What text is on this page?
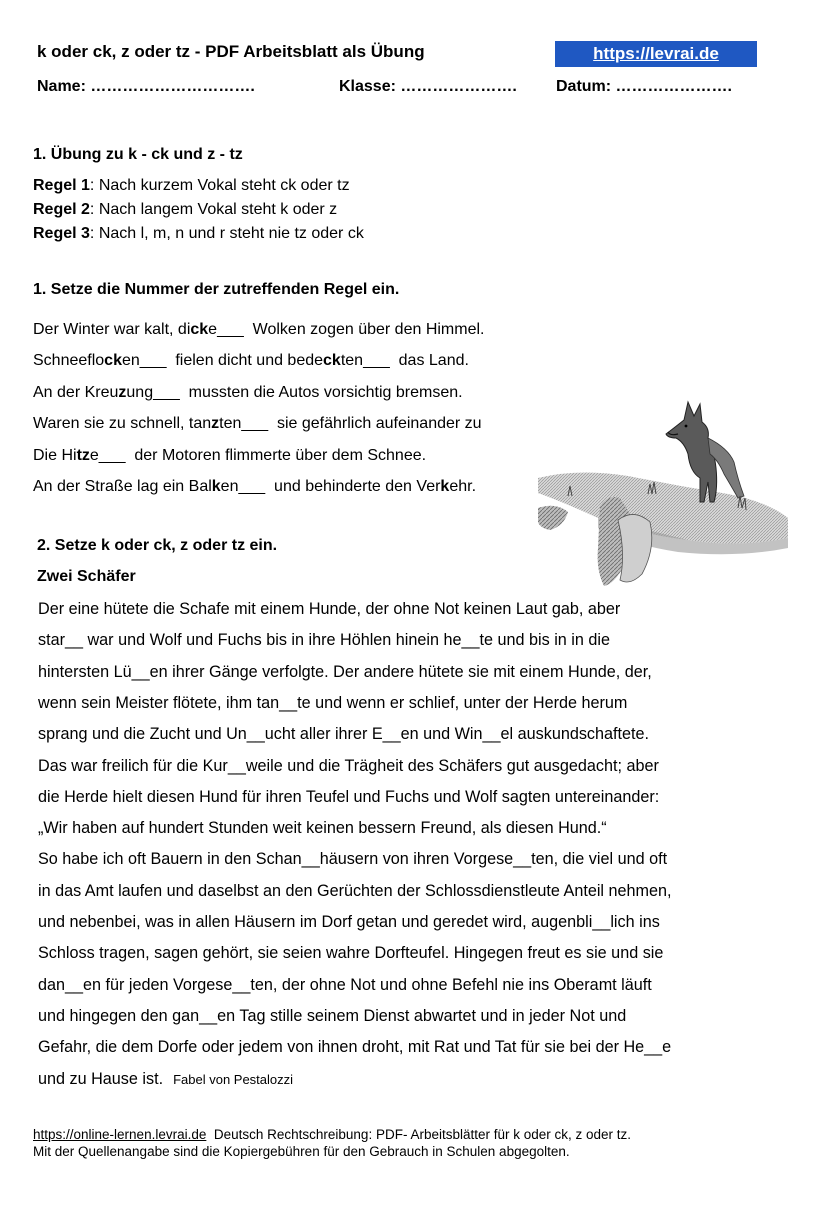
k oder ck, z oder tz - PDF Arbeitsblatt als Übung	https://levrai.de
Name: ………………………….	Klasse: …………………. Datum: ………………….
1. Übung zu k - ck und z - tz
Regel 1: Nach kurzem Vokal steht ck oder tz
Regel 2: Nach langem Vokal steht k oder z
Regel 3: Nach l, m, n und r steht nie tz oder ck
1. Setze die Nummer der zutreffenden Regel ein.
Der Winter war kalt, dicke___  Wolken zogen über den Himmel.
Schneeflocken___  fielen dicht und bedeckten___  das Land.
An der Kreuzung___  mussten die Autos vorsichtig bremsen.
Waren sie zu schnell, tanzten___  sie gefährlich aufeinander zu
Die Hitze___  der Motoren flimmerte über dem Schnee.
An der Straße lag ein Balken___  und behinderte den Verkehr.
2. Setze k oder ck, z oder tz ein.
Zwei Schäfer
Der eine hütete die Schafe mit einem Hunde, der ohne Not keinen Laut gab, aber
star__ war und Wolf und Fuchs bis in ihre Höhlen hinein he__te und bis in in die
hintersten Lü__en ihrer Gänge verfolgte. Der andere hütete sie mit einem Hunde, der,
wenn sein Meister flötete, ihm tan__te und wenn er schlief, unter der Herde herum
sprang und die Zucht und Un__ucht aller ihrer E__en und Win__el auskundschaftete.
Das war freilich für die Kur__weile und die Trägheit des Schäfers gut ausgedacht; aber
die Herde hielt diesen Hund für ihren Teufel und Fuchs und Wolf sagten untereinander:
„Wir haben auf hundert Stunden weit keinen bessern Freund, als diesen Hund.“
So habe ich oft Bauern in den Schan__häusern von ihren Vorgese__ten, die viel und oft
in das Amt laufen und daselbst an den Gerüchten der Schlossdienstleute Anteil nehmen,
und nebenbei, was in allen Häusern im Dorf getan und geredet wird, augenbli__lich ins
Schloss tragen, sagen gehört, sie seien wahre Dorfteufel. Hingegen freut es sie und sie
dan__en für jeden Vorgese__ten, der ohne Not und ohne Befehl nie ins Oberamt läuft
und hingegen den gan__en Tag stille seinem Dienst abwartet und in jeder Not und
Gefahr, die dem Dorfe oder jedem von ihnen droht, mit Rat und Tat für sie bei der He__e
und zu Hause ist. Fabel von Pestalozzi
https://online-lernen.levrai.de  Deutsch Rechtschreibung: PDF- Arbeitsblätter für k oder ck, z oder tz.
Mit der Quellenangabe sind die Kopiergebühren für den Gebrauch in Schulen abgegolten.
